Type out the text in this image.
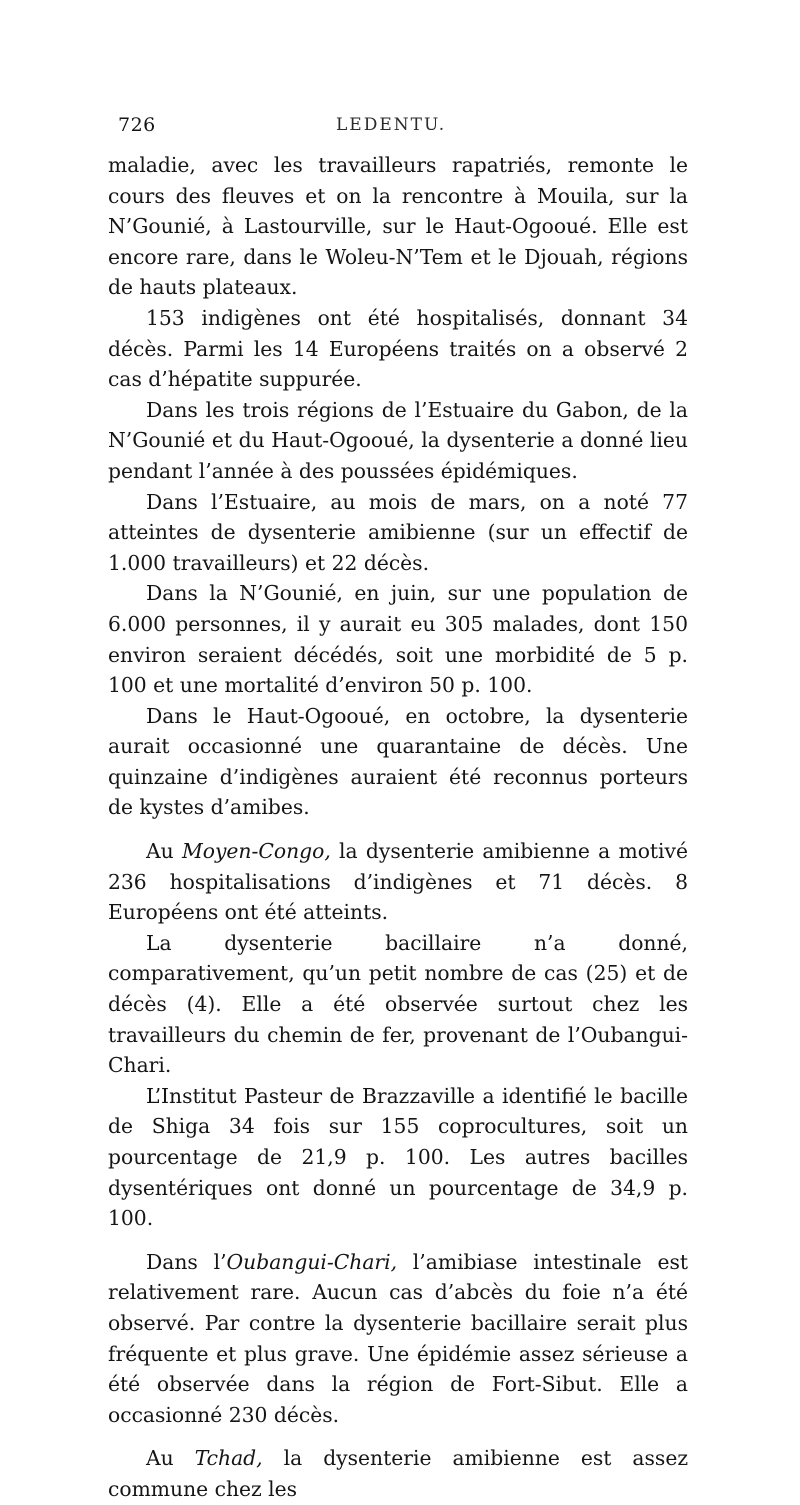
726	LEDENTU.

maladie, avec les travailleurs rapatriés, remonte le cours des fleuves et on la rencontre à Mouila, sur la N’Gounié, à Lastourville, sur le Haut-Ogooué. Elle est encore rare, dans le Woleu-N’Tem et le Djouah, régions de hauts plateaux.

153 indigènes ont été hospitalisés, donnant 34 décès. Parmi les 14 Européens traités on a observé 2 cas d’hépatite suppurée.

Dans les trois régions de l’Estuaire du Gabon, de la N’Gounié et du Haut-Ogooué, la dysenterie a donné lieu pendant l’année à des poussées épidémiques.

Dans l’Estuaire, au mois de mars, on a noté 77 atteintes de dysenterie amibienne (sur un effectif de 1.000 travailleurs) et 22 décès.

Dans la N’Gounié, en juin, sur une population de 6.000 personnes, il y aurait eu 305 malades, dont 150 environ seraient décédés, soit une morbidité de 5 p. 100 et une mortalité d’environ 50 p. 100.

Dans le Haut-Ogooué, en octobre, la dysenterie aurait occasionné une quarantaine de décès. Une quinzaine d’indigènes auraient été reconnus porteurs de kystes d’amibes.

Au Moyen-Congo, la dysenterie amibienne a motivé 236 hospitalisations d’indigènes et 71 décès. 8 Européens ont été atteints.

La dysenterie bacillaire n’a donné, comparativement, qu’un petit nombre de cas (25) et de décès (4). Elle a été observée surtout chez les travailleurs du chemin de fer, provenant de l’Oubangui-Chari.

L’Institut Pasteur de Brazzaville a identifié le bacille de Shiga 34 fois sur 155 coprocultures, soit un pourcentage de 21,9 p. 100. Les autres bacilles dysentériques ont donné un pourcentage de 34,9 p. 100.

Dans l’Oubangui-Chari, l’amibiase intestinale est relativement rare. Aucun cas d’abcès du foie n’a été observé. Par contre la dysenterie bacillaire serait plus fréquente et plus grave. Une épidémie assez sérieuse a été observée dans la région de Fort-Sibut. Elle a occasionné 230 décès.

Au Tchad, la dysenterie amibienne est assez commune chez les
